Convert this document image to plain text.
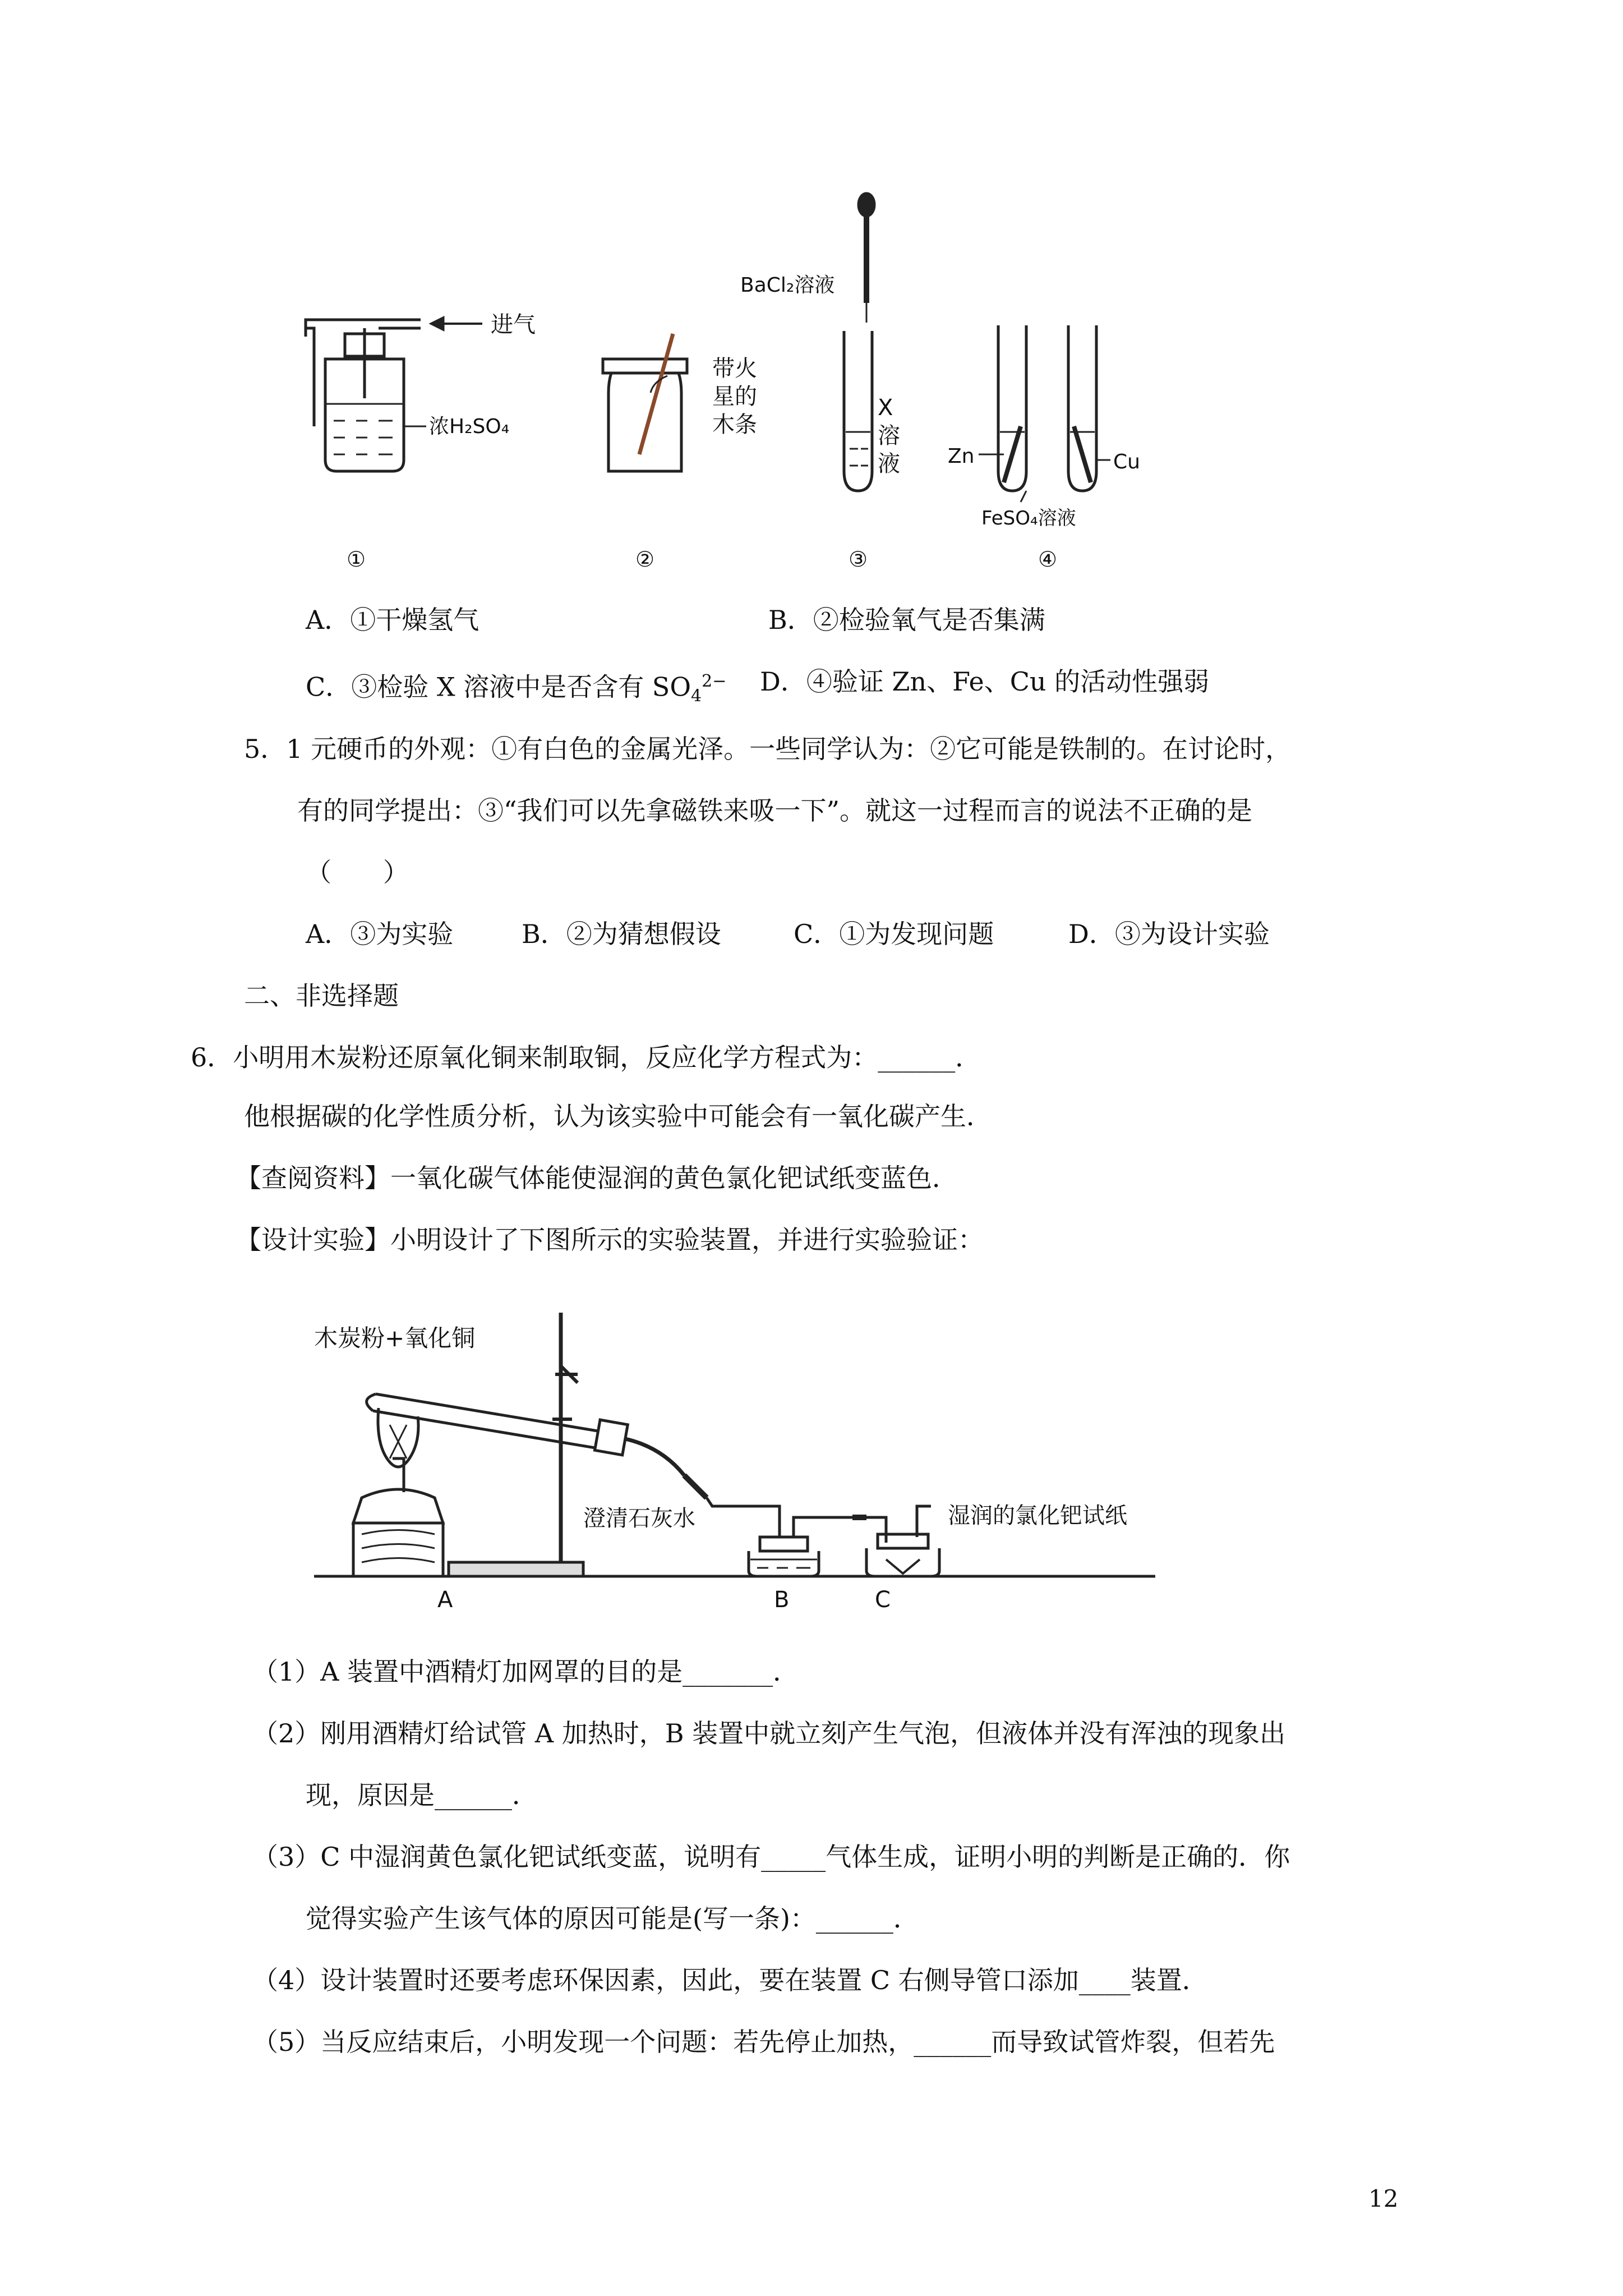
进气
浓H₂SO₄
带火
星的
木条
BaCl₂溶液
X
溶
液 Zn	Cu
FeSO₄溶液
①	②	③	④
A．①干燥氢气	B．②检验氧气是否集满
C．③检验 X 溶液中是否含有 $SO_4^{2-}$ D．④验证 Zn、Fe、Cu 的活动性强弱
5．1 元硬币的外观：①有白色的金属光泽。一些同学认为：②它可能是铁制的。在讨论时，
有的同学提出：③“我们可以先拿磁铁来吸一下”。就这一过程而言的说法不正确的是
（　　）
A．③为实验	B．②为猜想假设	C．①为发现问题	D．③为设计实验
二、非选择题
6．小明用木炭粉还原氧化铜来制取铜，反应化学方程式为：______．
他根据碳的化学性质分析，认为该实验中可能会有一氧化碳产生．
【查阅资料】一氧化碳气体能使湿润的黄色氯化钯试纸变蓝色．
【设计实验】小明设计了下图所示的实验装置，并进行实验验证：
木炭粉+氧化铜
澄清石灰水	湿润的氯化钯试纸
A	B	C
（1）A 装置中酒精灯加网罩的目的是_______．
（2）刚用酒精灯给试管 A 加热时，B 装置中就立刻产生气泡，但液体并没有浑浊的现象出
现，原因是______．
（3）C 中湿润黄色氯化钯试纸变蓝，说明有_____气体生成，证明小明的判断是正确的．你
觉得实验产生该气体的原因可能是(写一条)：______．
（4）设计装置时还要考虑环保因素，因此，要在装置 C 右侧导管口添加____装置．
（5）当反应结束后，小明发现一个问题：若先停止加热，______而导致试管炸裂，但若先
12
